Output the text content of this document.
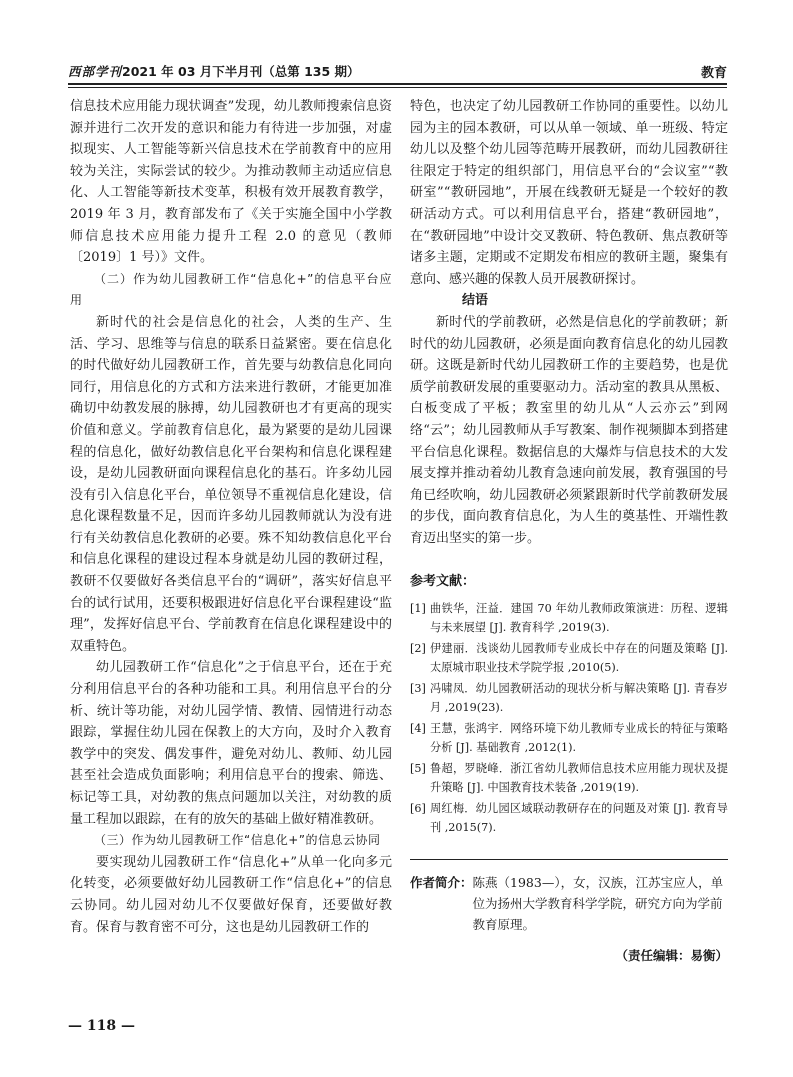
西部学刊2021 年 03 月下半月刊（总第 135 期）	教育

信息技术应用能力现状调查”发现，幼儿教师搜索信息资源并进行二次开发的意识和能力有待进一步加强，对虚拟现实、人工智能等新兴信息技术在学前教育中的应用较为关注，实际尝试的较少。为推动教师主动适应信息化、人工智能等新技术变革，积极有效开展教育教学，2019 年 3 月，教育部发布了《关于实施全国中小学教师信息技术应用能力提升工程 2.0 的意见（教师〔2019〕1 号）》文件。

（二）作为幼儿园教研工作“信息化+”的信息平台应用

新时代的社会是信息化的社会，人类的生产、生活、学习、思维等与信息的联系日益紧密。要在信息化的时代做好幼儿园教研工作，首先要与幼教信息化同向同行，用信息化的方式和方法来进行教研，才能更加准确切中幼教发展的脉搏，幼儿园教研也才有更高的现实价值和意义。学前教育信息化，最为紧要的是幼儿园课程的信息化，做好幼教信息化平台架构和信息化课程建设，是幼儿园教研面向课程信息化的基石。许多幼儿园没有引入信息化平台，单位领导不重视信息化建设，信息化课程数量不足，因而许多幼儿园教师就认为没有进行有关幼教信息化教研的必要。殊不知幼教信息化平台和信息化课程的建设过程本身就是幼儿园的教研过程，教研不仅要做好各类信息平台的“调研”，落实好信息平台的试行试用，还要积极跟进好信息化平台课程建设“监理”，发挥好信息平台、学前教育在信息化课程建设中的双重特色。

幼儿园教研工作“信息化”之于信息平台，还在于充分利用信息平台的各种功能和工具。利用信息平台的分析、统计等功能，对幼儿园学情、教情、园情进行动态跟踪，掌握住幼儿园在保教上的大方向，及时介入教育教学中的突发、偶发事件，避免对幼儿、教师、幼儿园甚至社会造成负面影响；利用信息平台的搜索、筛选、标记等工具，对幼教的焦点问题加以关注，对幼教的质量工程加以跟踪，在有的放矢的基础上做好精准教研。

（三）作为幼儿园教研工作“信息化+”的信息云协同

要实现幼儿园教研工作“信息化+”从单一化向多元化转变，必须要做好幼儿园教研工作“信息化+”的信息云协同。幼儿园对幼儿不仅要做好保育，还要做好教育。保育与教育密不可分，这也是幼儿园教研工作的

特色，也决定了幼儿园教研工作协同的重要性。以幼儿园为主的园本教研，可以从单一领域、单一班级、特定幼儿以及整个幼儿园等范畴开展教研，而幼儿园教研往往限定于特定的组织部门，用信息平台的“会议室”“教研室”“教研园地”，开展在线教研无疑是一个较好的教研活动方式。可以利用信息平台，搭建“教研园地”，在“教研园地”中设计交叉教研、特色教研、焦点教研等诸多主题，定期或不定期发布相应的教研主题，聚集有意向、感兴趣的保教人员开展教研探讨。

结语

新时代的学前教研，必然是信息化的学前教研；新时代的幼儿园教研，必须是面向教育信息化的幼儿园教研。这既是新时代幼儿园教研工作的主要趋势，也是优质学前教研发展的重要驱动力。活动室的教具从黑板、白板变成了平板；教室里的幼儿从“人云亦云”到网络“云”；幼儿园教师从手写教案、制作视频脚本到搭建平台信息化课程。数据信息的大爆炸与信息技术的大发展支撑并推动着幼儿教育急速向前发展，教育强国的号角已经吹响，幼儿园教研必须紧跟新时代学前教研发展的步伐，面向教育信息化，为人生的奠基性、开端性教育迈出坚实的第一步。

参考文献：
[1] 曲铁华，汪益．建国 70 年幼儿教师政策演进：历程、逻辑与未来展望 [J]. 教育科学 ,2019(3).
[2] 伊建丽．浅谈幼儿园教师专业成长中存在的问题及策略 [J]. 太原城市职业技术学院学报 ,2010(5).
[3] 冯啸凤．幼儿园教研活动的现状分析与解决策略 [J]. 青春岁月 ,2019(23).
[4] 王慧，张鸿宇．网络环境下幼儿教师专业成长的特征与策略分析 [J]. 基础教育 ,2012(1).
[5] 鲁超，罗晓峰．浙江省幼儿教师信息技术应用能力现状及提升策略 [J]. 中国教育技术装备 ,2019(19).
[6] 周红梅．幼儿园区域联动教研存在的问题及对策 [J]. 教育导刊 ,2015(7).
作者简介： 陈燕（1983—），女，汉族，江苏宝应人，单位为扬州大学教育科学学院，研究方向为学前教育原理。
（责任编辑：易衡）
— 118 —
